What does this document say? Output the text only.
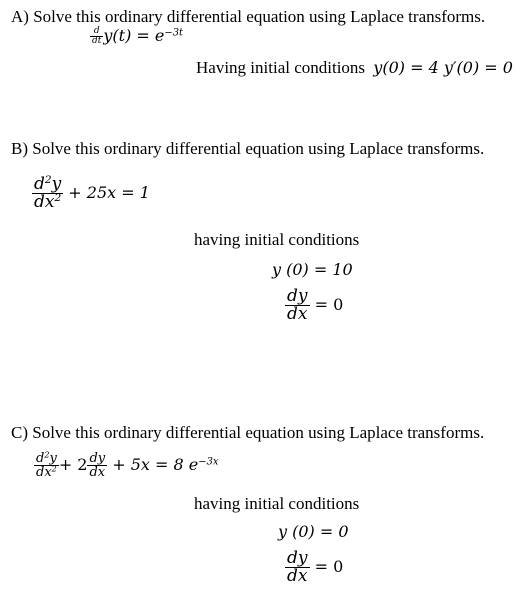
A) Solve this ordinary differential equation using Laplace transforms.
$\frac{d}{dt} y(t) = e^{-3t}$
Having initial conditions y(0) = 4 y′(0) = 0
B) Solve this ordinary differential equation using Laplace transforms.
$\frac{d^2y}{dx^2} + 25x = 1$
having initial conditions
y (0) = 10
$\frac{dy}{dx} = 0$
C) Solve this ordinary differential equation using Laplace transforms.
$\frac{d^2y}{dx^2} + 2 \frac{dy}{dx} + 5x = 8$ $e^{-3x}$
having initial conditions
y (0) = 0
$\frac{dy}{dx} = 0$
